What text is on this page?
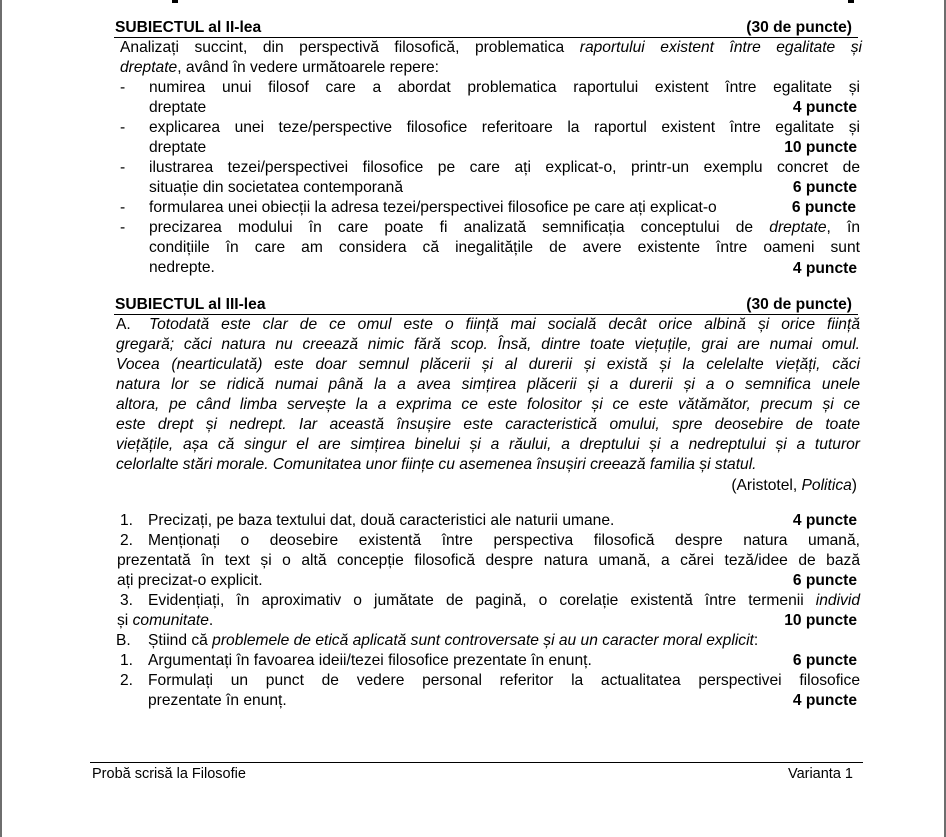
SUBIECTUL al II-lea	(30 de puncte)
Analizați succint, din perspectivă filosofică, problematica raportului existent între egalitate și
dreptate, având în vedere următoarele repere:
- numirea unui filosof care a abordat problematica raportului existent între egalitate și
dreptate	4 puncte
- explicarea unei teze/perspective filosofice referitoare la raportul existent între egalitate și
dreptate	10 puncte
- ilustrarea tezei/perspectivei filosofice pe care ați explicat-o, printr-un exemplu concret de
situație din societatea contemporană	6 puncte
- formularea unei obiecții la adresa tezei/perspectivei filosofice pe care ați explicat-o	6 puncte
- precizarea modului în care poate fi analizată semnificația conceptului de dreptate, în
condițiile în care am considera că inegalitățile de avere existente între oameni sunt
nedrepte.	4 puncte
SUBIECTUL al III-lea	(30 de puncte)
A. Totodată este clar de ce omul este o ființă mai socială decât orice albină și orice ființă
gregară; căci natura nu creează nimic fără scop. Însă, dintre toate viețuțile, grai are numai omul.
Vocea (nearticulată) este doar semnul plăcerii și al durerii și există și la celelalte viețăți, căci
natura lor se ridică numai până la a avea simțirea plăcerii și a durerii și a o semnifica unele
altora, pe când limba servește la a exprima ce este folositor și ce este vătămător, precum și ce
este drept și nedrept. Iar această însușire este caracteristică omului, spre deosebire de toate
viețățile, așa că singur el are simțirea binelui și a răului, a dreptului și a nedreptului și a tuturor
celorlalte stări morale. Comunitatea unor ființe cu asemenea însușiri creează familia și statul.
(Aristotel, Politica)
1. Precizați, pe baza textului dat, două caracteristici ale naturii umane.	4 puncte
2. Menționați o deosebire existentă între perspectiva filosofică despre natura umană,
prezentată în text și o altă concepție filosofică despre natura umană, a cărei teză/idee de bază
ați precizat-o explicit.	6 puncte
3. Evidențiați, în aproximativ o jumătate de pagină, o corelație existentă între termenii individ
și comunitate.	10 puncte
B. Știind că problemele de etică aplicată sunt controversate și au un caracter moral explicit:
1. Argumentați în favoarea ideii/tezei filosofice prezentate în enunț.	6 puncte
2. Formulați un punct de vedere personal referitor la actualitatea perspectivei filosofice
prezentate în enunț.	4 puncte
Probă scrisă la Filosofie	Varianta 1
